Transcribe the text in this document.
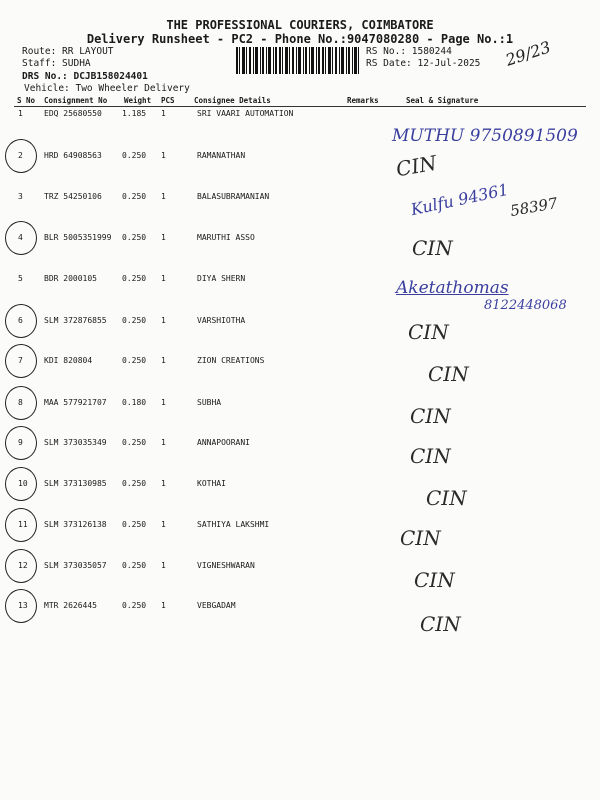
THE PROFESSIONAL COURIERS, COIMBATORE
Delivery Runsheet - PC2 - Phone No.:9047080280 - Page No.:1
Route: RR LAYOUT
Staff: SUDHA
DRS No.: DCJB158024401
Vehicle: Two Wheeler Delivery
RS No.: 1580244
RS Date: 12-Jul-2025 29/23
S No Consignment No Weight PCS	Consignee Details	Remarks	Seal & Signature
1	EDQ 25680550	1.185 1	SRI VAARI AUTOMATION
2	HRD 64908563	0.250 1	RAMANATHAN
3	TRZ 54250106	0.250 1	BALASUBRAMANIAN
4	BLR 5005351999 0.250 1	MARUTHI ASSO
5	BDR 2000105	0.250 1	DIYA SHERN
6	SLM 372876855 0.250 1	VARSHIOTHA
7	KDI 820804	0.250 1	ZION CREATIONS
8	MAA 577921707 0.180 1	SUBHA
9	SLM 373035349 0.250 1	ANNAPOORANI
10 SLM 373130985 0.250 1	KOTHAI
11 SLM 373126138 0.250 1	SATHIYA LAKSHMI
12 SLM 373035057 0.250 1	VIGNESHWARAN
13 MTR 2626445	0.250 1	VEBGADAM
MUTHU 9750891509
CIN
Kulfu 94361
58397
CIN
Aketathomas
8122448068
CIN
CIN
CIN
CIN
CIN
CIN
CIN
CIN
